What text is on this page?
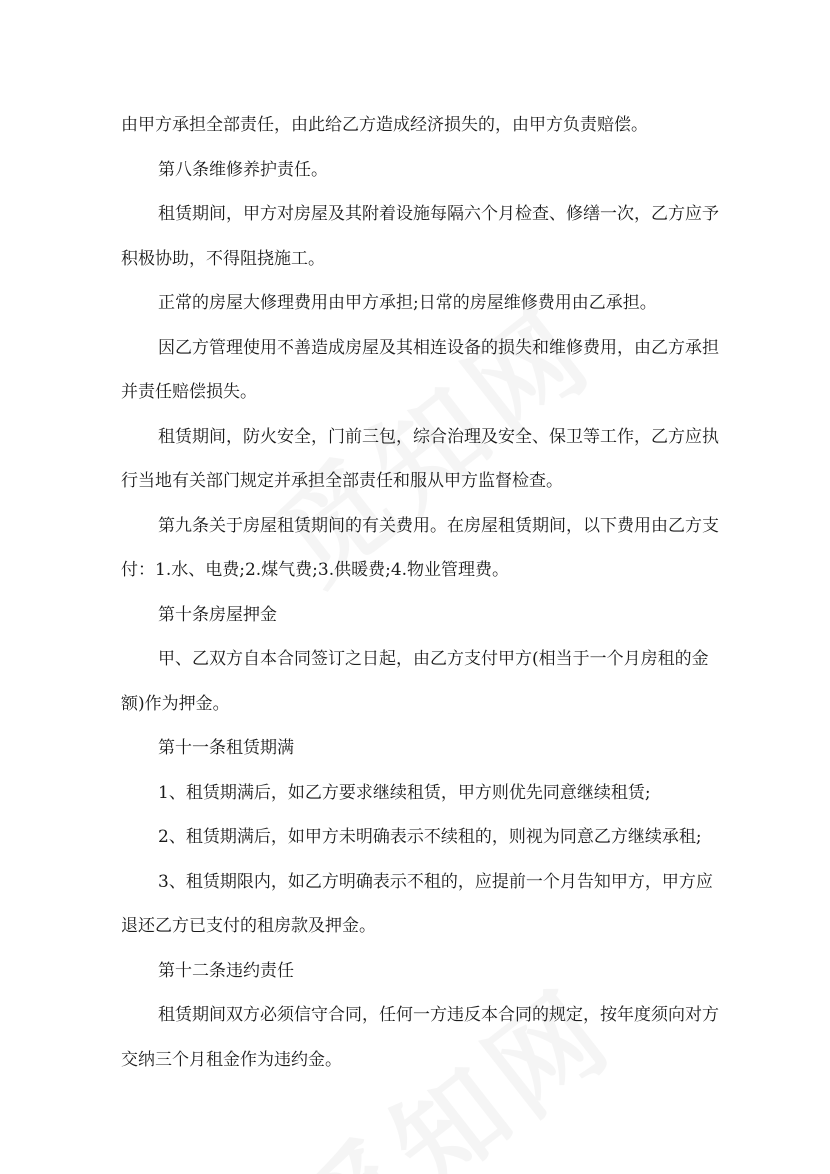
由甲方承担全部责任，由此给乙方造成经济损失的，由甲方负责赔偿。

第八条维修养护责任。

租赁期间，甲方对房屋及其附着设施每隔六个月检查、修缮一次，乙方应予
积极协助，不得阻挠施工。

正常的房屋大修理费用由甲方承担;日常的房屋维修费用由乙承担。

因乙方管理使用不善造成房屋及其相连设备的损失和维修费用，由乙方承担
并责任赔偿损失。

租赁期间，防火安全，门前三包，综合治理及安全、保卫等工作，乙方应执
行当地有关部门规定并承担全部责任和服从甲方监督检查。

第九条关于房屋租赁期间的有关费用。在房屋租赁期间，以下费用由乙方支
付：1.水、电费;2.煤气费;3.供暖费;4.物业管理费。

第十条房屋押金

甲、乙双方自本合同签订之日起，由乙方支付甲方(相当于一个月房租的金
额)作为押金。

第十一条租赁期满

1、租赁期满后，如乙方要求继续租赁，甲方则优先同意继续租赁;

2、租赁期满后，如甲方未明确表示不续租的，则视为同意乙方继续承租;

3、租赁期限内，如乙方明确表示不租的，应提前一个月告知甲方，甲方应
退还乙方已支付的租房款及押金。

第十二条违约责任

租赁期间双方必须信守合同，任何一方违反本合同的规定，按年度须向对方
交纳三个月租金作为违约金。
